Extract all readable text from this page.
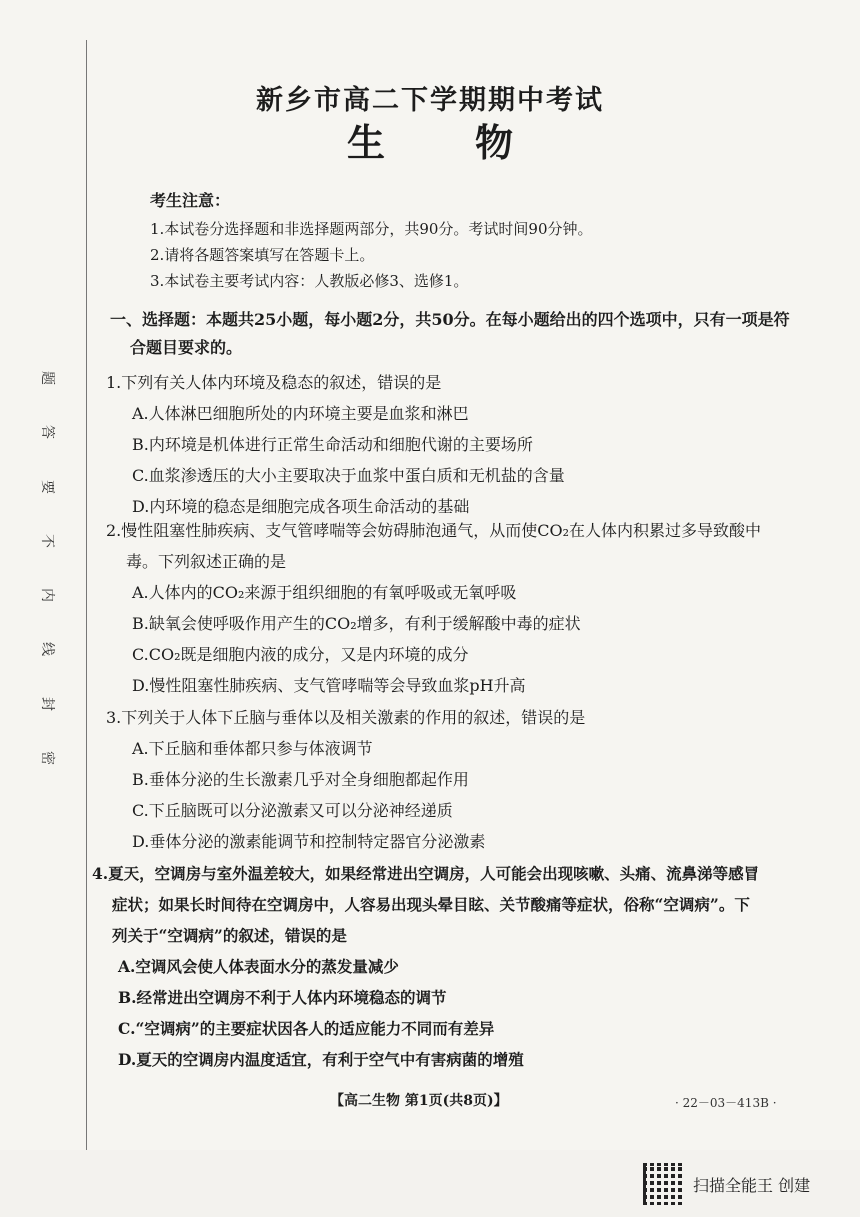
题
答
要
不
内
线
封
密
新乡市高二下学期期中考试
生物
考生注意：
1.本试卷分选择题和非选择题两部分，共90分。考试时间90分钟。
2.请将各题答案填写在答题卡上。
3.本试卷主要考试内容：人教版必修3、选修1。
一、选择题：本题共25小题，每小题2分，共50分。在每小题给出的四个选项中，只有一项是符
合题目要求的。
1.下列有关人体内环境及稳态的叙述，错误的是
A.人体淋巴细胞所处的内环境主要是血浆和淋巴
B.内环境是机体进行正常生命活动和细胞代谢的主要场所
C.血浆渗透压的大小主要取决于血浆中蛋白质和无机盐的含量
D.内环境的稳态是细胞完成各项生命活动的基础
2.慢性阻塞性肺疾病、支气管哮喘等会妨碍肺泡通气，从而使CO₂在人体内积累过多导致酸中
毒。下列叙述正确的是
A.人体内的CO₂来源于组织细胞的有氧呼吸或无氧呼吸
B.缺氧会使呼吸作用产生的CO₂增多，有利于缓解酸中毒的症状
C.CO₂既是细胞内液的成分，又是内环境的成分
D.慢性阻塞性肺疾病、支气管哮喘等会导致血浆pH升高
3.下列关于人体下丘脑与垂体以及相关激素的作用的叙述，错误的是
A.下丘脑和垂体都只参与体液调节
B.垂体分泌的生长激素几乎对全身细胞都起作用
C.下丘脑既可以分泌激素又可以分泌神经递质
D.垂体分泌的激素能调节和控制特定器官分泌激素
4.夏天，空调房与室外温差较大，如果经常进出空调房，人可能会出现咳嗽、头痛、流鼻涕等感冒
症状；如果长时间待在空调房中，人容易出现头晕目眩、关节酸痛等症状，俗称“空调病”。下
列关于“空调病”的叙述，错误的是
A.空调风会使人体表面水分的蒸发量减少
B.经常进出空调房不利于人体内环境稳态的调节
C.“空调病”的主要症状因各人的适应能力不同而有差异
D.夏天的空调房内温度适宜，有利于空气中有害病菌的增殖
【高二生物 第1页(共8页)】	· 22－03－413B ·
扫描全能王 创建
